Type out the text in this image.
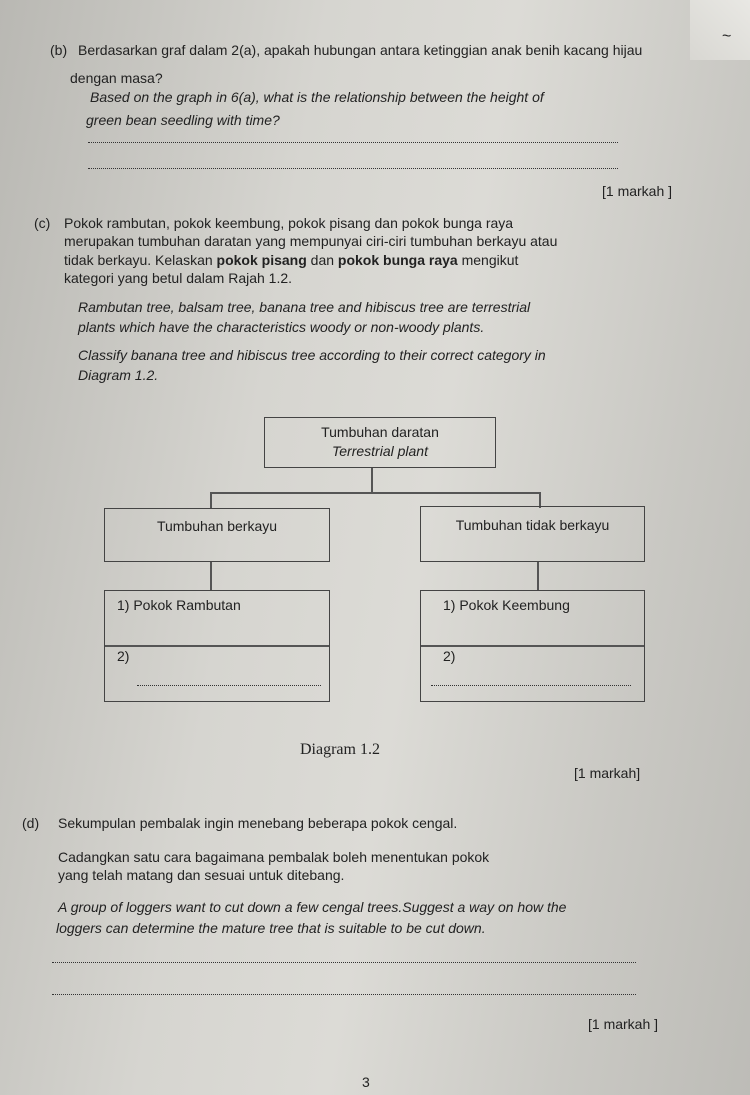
~
(b) Berdasarkan graf dalam 2(a), apakah hubungan antara ketinggian anak benih kacang hijau
dengan masa?
Based on the graph in 6(a), what is the relationship between the height of
green bean seedling with time?
[1 markah ]
(c) Pokok rambutan, pokok keembung, pokok pisang dan pokok bunga raya
merupakan tumbuhan daratan yang mempunyai ciri-ciri tumbuhan berkayu atau
tidak berkayu. Kelaskan pokok pisang dan pokok bunga raya mengikut
kategori yang betul dalam Rajah 1.2.
Rambutan tree, balsam tree, banana tree and hibiscus tree are terrestrial
plants which have the characteristics woody or non-woody plants.
Classify banana tree and hibiscus tree according to their correct category in
Diagram 1.2.
Tumbuhan daratan
Terrestrial plant
Tumbuhan berkayu	Tumbuhan tidak berkayu
1) Pokok Rambutan
2)
1) Pokok Keembung
2)
Diagram 1.2
[1 markah]
(d) Sekumpulan pembalak ingin menebang beberapa pokok cengal.
Cadangkan satu cara bagaimana pembalak boleh menentukan pokok
yang telah matang dan sesuai untuk ditebang.
A group of loggers want to cut down a few cengal trees.Suggest a way on how the
loggers can determine the mature tree that is suitable to be cut down.
[1 markah ]
3
